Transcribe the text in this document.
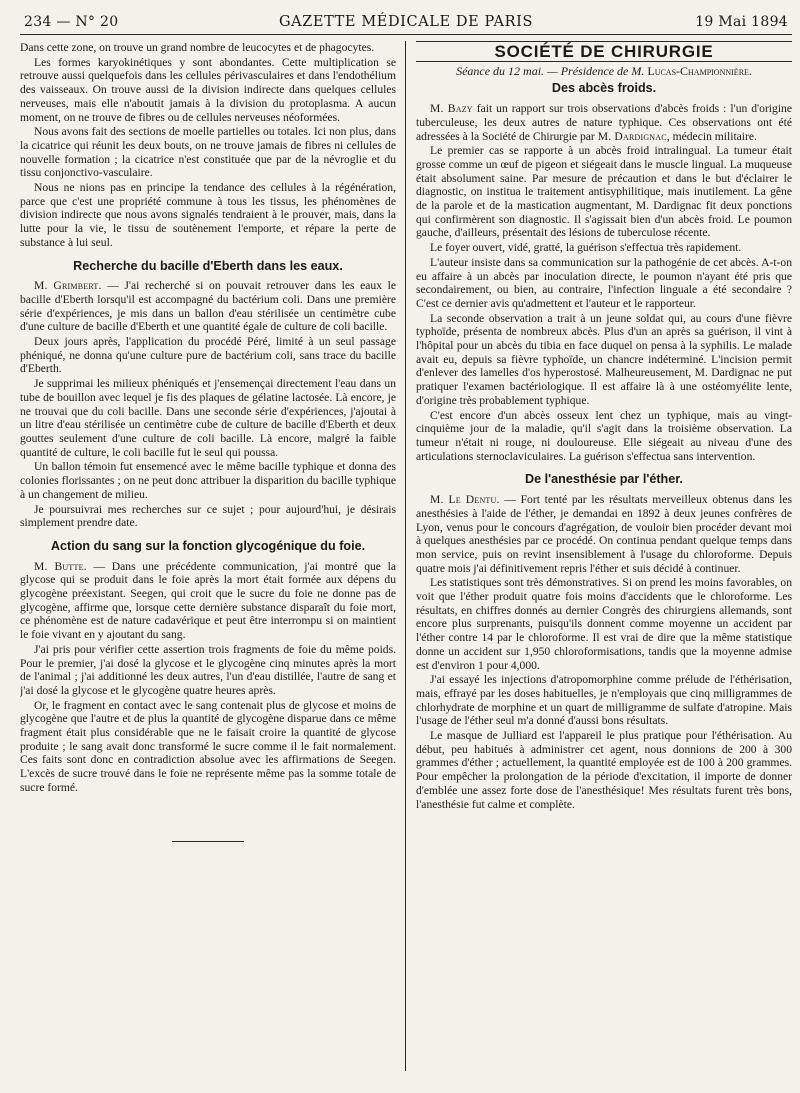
234 — N° 20	GAZETTE MÉDICALE DE PARIS	19 Mai 1894

Dans cette zone, on trouve un grand nombre de leucocytes et de phagocytes.

Les formes karyokinétiques y sont abondantes. Cette multiplication se retrouve aussi quelquefois dans les cellules périvasculaires et dans l'endothélium des vaisseaux. On trouve aussi de la division indirecte dans quelques cellules nerveuses, mais elle n'aboutit jamais à la division du protoplasma. A aucun moment, on ne trouve de fibres ou de cellules nerveuses néoformées.

Nous avons fait des sections de moelle partielles ou totales. Ici non plus, dans la cicatrice qui réunit les deux bouts, on ne trouve jamais de fibres ni cellules de nouvelle formation ; la cicatrice n'est constituée que par de la névroglie et du tissu conjonctivo-vasculaire.

Nous ne nions pas en principe la tendance des cellules à la régénération, parce que c'est une propriété commune à tous les tissus, les phénomènes de division indirecte que nous avons signalés tendraient à le prouver, mais, dans la lutte pour la vie, le tissu de soutènement l'emporte, et répare la perte de substance à lui seul.

Recherche du bacille d'Eberth dans les eaux.

M. Grimbert. — J'ai recherché si on pouvait retrouver dans les eaux le bacille d'Eberth lorsqu'il est accompagné du bactérium coli. Dans une première série d'expériences, je mis dans un ballon d'eau stérilisée un centimètre cube d'une culture de bacille d'Eberth et une quantité égale de culture de coli bacille.

Deux jours après, l'application du procédé Péré, limité à un seul passage phéniqué, ne donna qu'une culture pure de bactérium coli, sans trace du bacille d'Eberth.

Je supprimai les milieux phéniqués et j'ensemençai directement l'eau dans un tube de bouillon avec lequel je fis des plaques de gélatine lactosée. Là encore, je ne trouvai que du coli bacille. Dans une seconde série d'expériences, j'ajoutai à un litre d'eau stérilisée un centimètre cube de culture de bacille d'Eberth et deux gouttes seulement d'une culture de coli bacille. Là encore, malgré la faible quantité de culture, le coli bacille fut le seul qui poussa.

Un ballon témoin fut ensemencé avec le même bacille typhique et donna des colonies florissantes ; on ne peut donc attribuer la disparition du bacille typhique à un changement de milieu.

Je poursuivrai mes recherches sur ce sujet ; pour aujourd'hui, je désirais simplement prendre date.

Action du sang sur la fonction glycogénique du foie.

M. Butte. — Dans une précédente communication, j'ai montré que la glycose qui se produit dans le foie après la mort était formée aux dépens du glycogène préexistant. Seegen, qui croit que le sucre du foie ne donne pas de glycogène, affirme que, lorsque cette dernière substance disparaît du foie mort, ce phénomène est de nature cadavérique et peut être interrompu si on maintient le foie vivant en y ajoutant du sang.

J'ai pris pour vérifier cette assertion trois fragments de foie du même poids. Pour le premier, j'ai dosé la glycose et le glycogène cinq minutes après la mort de l'animal ; j'ai additionné les deux autres, l'un d'eau distillée, l'autre de sang et j'ai dosé la glycose et le glycogène quatre heures après.

Or, le fragment en contact avec le sang contenait plus de glycose et moins de glycogène que l'autre et de plus la quantité de glycogène disparue dans ce même fragment était plus considérable que ne le faisait croire la quantité de glycose produite ; le sang avait donc transformé le sucre comme il le fait normalement. Ces faits sont donc en contradiction absolue avec les affirmations de Seegen. L'excès de sucre trouvé dans le foie ne représente même pas la somme totale de sucre formé.

SOCIÉTÉ DE CHIRURGIE
Séance du 12 mai. — Présidence de M. Lucas-Championnière.
Des abcès froids.

M. Bazy fait un rapport sur trois observations d'abcès froids : l'un d'origine tuberculeuse, les deux autres de nature typhique. Ces observations ont été adressées à la Société de Chirurgie par M. Dardignac, médecin militaire.

Le premier cas se rapporte à un abcès froid intralingual. La tumeur était grosse comme un œuf de pigeon et siégeait dans le muscle lingual. La muqueuse était absolument saine. Par mesure de précaution et dans le but d'éclairer le diagnostic, on institua le traitement antisyphilitique, mais inutilement. La gêne de la parole et de la mastication augmentant, M. Dardignac fit deux ponctions qui confirmèrent son diagnostic. Il s'agissait bien d'un abcès froid. Le poumon gauche, d'ailleurs, présentait des lésions de tuberculose récente.

Le foyer ouvert, vidé, gratté, la guérison s'effectua très rapidement.

L'auteur insiste dans sa communication sur la pathogénie de cet abcès. A-t-on eu affaire à un abcès par inoculation directe, le poumon n'ayant été pris que secondairement, ou bien, au contraire, l'infection linguale a été secondaire ? C'est ce dernier avis qu'admettent et l'auteur et le rapporteur.

La seconde observation a trait à un jeune soldat qui, au cours d'une fièvre typhoïde, présenta de nombreux abcès. Plus d'un an après sa guérison, il vint à l'hôpital pour un abcès du tibia en face duquel on pensa à la syphilis. Le malade avait eu, depuis sa fièvre typhoïde, un chancre indéterminé. L'incision permit d'enlever des lamelles d'os hyperostosé. Malheureusement, M. Dardignac ne put pratiquer l'examen bactériologique. Il est affaire là à une ostéomyélite lente, d'origine très probablement typhique.

C'est encore d'un abcès osseux lent chez un typhique, mais au vingt-cinquième jour de la maladie, qu'il s'agit dans la troisième observation. La tumeur n'était ni rouge, ni douloureuse. Elle siégeait au niveau d'une des articulations sternoclaviculaires. La guérison s'effectua sans intervention.

De l'anesthésie par l'éther.

M. Le Dentu. — Fort tenté par les résultats merveilleux obtenus dans les anesthésies à l'aide de l'éther, je demandai en 1892 à deux jeunes confrères de Lyon, venus pour le concours d'agrégation, de vouloir bien procéder devant moi à quelques anesthésies par ce procédé. On continua pendant quelque temps dans mon service, puis on revint insensiblement à l'usage du chloroforme. Depuis quatre mois j'ai définitivement repris l'éther et suis décidé à continuer.

Les statistiques sont très démonstratives. Si on prend les moins favorables, on voit que l'éther produit quatre fois moins d'accidents que le chloroforme. Les résultats, en chiffres donnés au dernier Congrès des chirurgiens allemands, sont encore plus surprenants, puisqu'ils donnent comme moyenne un accident par l'éther contre 14 par le chloroforme. Il est vrai de dire que la même statistique donne un accident sur 1,950 chloroformisations, tandis que la moyenne admise est d'environ 1 pour 4,000.

J'ai essayé les injections d'atropomorphine comme prélude de l'éthérisation, mais, effrayé par les doses habituelles, je n'employais que cinq milligrammes de chlorhydrate de morphine et un quart de milligramme de sulfate d'atropine. Mais l'usage de l'éther seul m'a donné d'aussi bons résultats.

Le masque de Julliard est l'appareil le plus pratique pour l'éthérisation. Au début, peu habitués à administrer cet agent, nous donnions de 200 à 300 grammes d'éther ; actuellement, la quantité employée est de 100 à 200 grammes. Pour empêcher la prolongation de la période d'excitation, il importe de donner d'emblée une assez forte dose de l'anesthésique! Mes résultats furent très bons, l'anesthésie fut calme et complète.
